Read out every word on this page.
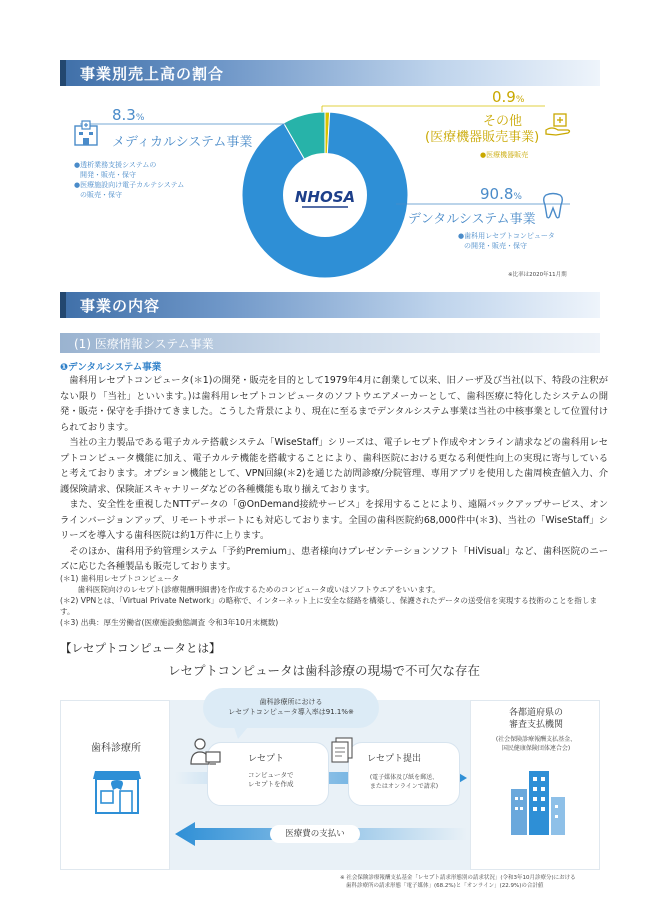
事業別売上高の割合
NHOSA
8.3%
メディカルシステム事業
●透析業務支援システムの
開発・販売・保守
●医療施設向け電子カルテシステム
の販売・保守
0.9%
その他
(医療機器販売事業)
●医療機器販売
90.8%
デンタルシステム事業
●歯科用レセプトコンピュータ
の開発・販売・保守
※比率は2020年11月期
事業の内容
(1) 医療情報システム事業
❶デンタルシステム事業
　歯科用レセプトコンピュータ(＊1)の開発・販売を目的として1979年4月に創業して以来、旧ノーザ及び当社(以下、特段の注釈がない限り「当社」といいます。)は歯科用レセプトコンピュータのソフトウエアメーカーとして、歯科医療に特化したシステムの開発・販売・保守を手掛けてきました。こうした背景により、現在に至るまでデンタルシステム事業は当社の中核事業として位置付けられております。
　当社の主力製品である電子カルテ搭載システム「WiseStaff」シリーズは、電子レセプト作成やオンライン請求などの歯科用レセプトコンピュータ機能に加え、電子カルテ機能を搭載することにより、歯科医院における更なる利便性向上の実現に寄与していると考えております。オプション機能として、VPN回線(＊2)を通じた訪問診療/分院管理、専用アプリを使用した歯周検査値入力、介護保険請求、保険証スキャナリーダなどの各種機能も取り揃えております。
　また、安全性を重視したNTTデータの「@OnDemand接続サービス」を採用することにより、遠隔バックアップサービス、オンラインバージョンアップ、リモートサポートにも対応しております。全国の歯科医院約68,000件中(＊3)、当社の「WiseStaff」シリーズを導入する歯科医院は約1万件に上ります。
　そのほか、歯科用予約管理システム「予約Premium」、患者様向けプレゼンテーションソフト「HiVisual」など、歯科医院のニーズに応じた各種製品も販売しております。
(＊1) 歯科用レセプトコンピュータ
　　 歯科医院向けのレセプト(診療報酬明細書)を作成するためのコンピュータ或いはソフトウエアをいいます。
(＊2) VPNとは、「Virtual Private Network」の略称で、インターネット上に安全な経路を構築し、保護されたデータの送受信を実現する技術のことを指します。
(＊3) 出典：厚生労働省(医療施設動態調査 令和3年10月末概数)
【レセプトコンピュータとは】
レセプトコンピュータは歯科診療の現場で不可欠な存在
歯科診療所
各都道府県の
審査支払機関
(社会保険診療報酬支払基金、
国民健康保険団体連合会)
医療費の支払い
レセプト
コンピュータで
レセプトを作成
レセプト提出
(電子媒体及び紙を郵送、
またはオンラインで請求)
歯科診療所における
レセプトコンピュータ導入率は91.1%※
※ 社会保険診療報酬支払基金「レセプト請求形態別の請求状況」(令和3年10月診療分)における
歯科診療所の請求形態「電子媒体」(68.2%)と「オンライン」(22.9%)の合計値
